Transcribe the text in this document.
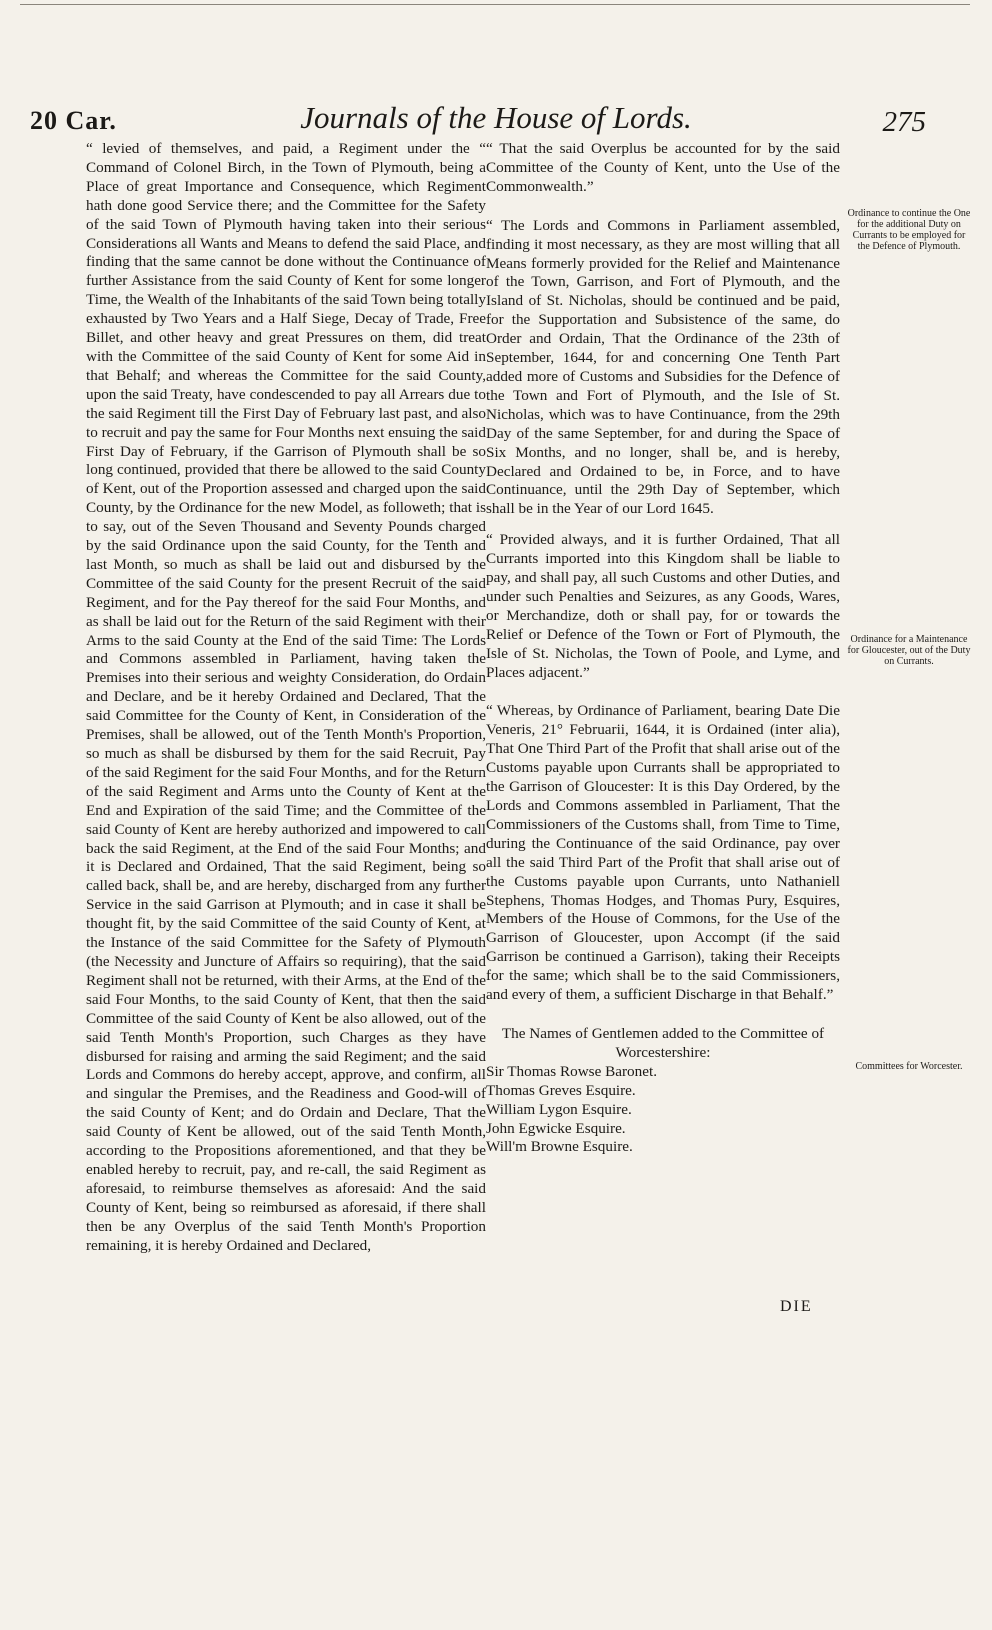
20 Car.	Journals of the House of Lords.	275

“ levied of themselves, and paid, a Regiment under the “ Command of Colonel Birch, in the Town of Plymouth, being a Place of great Importance and Consequence, which Regiment hath done good Service there; and the Committee for the Safety of the said Town of Plymouth having taken into their serious Considerations all Wants and Means to defend the said Place, and finding that the same cannot be done without the Continuance of further Assistance from the said County of Kent for some longer Time, the Wealth of the Inhabitants of the said Town being totally exhausted by Two Years and a Half Siege, Decay of Trade, Free Billet, and other heavy and great Pressures on them, did treat with the Committee of the said County of Kent for some Aid in that Behalf; and whereas the Committee for the said County, upon the said Treaty, have condescended to pay all Arrears due to the said Regiment till the First Day of February last past, and also to recruit and pay the same for Four Months next ensuing the said First Day of February, if the Garrison of Plymouth shall be so long continued, provided that there be allowed to the said County of Kent, out of the Proportion assessed and charged upon the said County, by the Ordinance for the new Model, as followeth; that is to say, out of the Seven Thousand and Seventy Pounds charged by the said Ordinance upon the said County, for the Tenth and last Month, so much as shall be laid out and disbursed by the Committee of the said County for the present Recruit of the said Regiment, and for the Pay thereof for the said Four Months, and as shall be laid out for the Return of the said Regiment with their Arms to the said County at the End of the said Time: The Lords and Commons assembled in Parliament, having taken the Premises into their serious and weighty Consideration, do Ordain and Declare, and be it hereby Ordained and Declared, That the said Committee for the County of Kent, in Consideration of the Premises, shall be allowed, out of the Tenth Month's Proportion, so much as shall be disbursed by them for the said Recruit, Pay of the said Regiment for the said Four Months, and for the Return of the said Regiment and Arms unto the County of Kent at the End and Expiration of the said Time; and the Committee of the said County of Kent are hereby authorized and impowered to call back the said Regiment, at the End of the said Four Months; and it is Declared and Ordained, That the said Regiment, being so called back, shall be, and are hereby, discharged from any further Service in the said Garrison at Plymouth; and in case it shall be thought fit, by the said Committee of the said County of Kent, at the Instance of the said Committee for the Safety of Plymouth (the Necessity and Juncture of Affairs so requiring), that the said Regiment shall not be returned, with their Arms, at the End of the said Four Months, to the said County of Kent, that then the said Committee of the said County of Kent be also allowed, out of the said Tenth Month's Proportion, such Charges as they have disbursed for raising and arming the said Regiment; and the said Lords and Commons do hereby accept, approve, and confirm, all and singular the Premises, and the Readiness and Good-will of the said County of Kent; and do Ordain and Declare, That the said County of Kent be allowed, out of the said Tenth Month, according to the Propositions aforementioned, and that they be enabled hereby to recruit, pay, and re-call, the said Regiment as aforesaid, to reimburse themselves as aforesaid: And the said County of Kent, being so reimbursed as aforesaid, if there shall then be any Overplus of the said Tenth Month's Proportion remaining, it is hereby Ordained and Declared,

“ That the said Overplus be accounted for by the said Committee of the County of Kent, unto the Use of the Commonwealth.”

“ The Lords and Commons in Parliament assembled, finding it most necessary, as they are most willing that all Means formerly provided for the Relief and Maintenance of the Town, Garrison, and Fort of Plymouth, and the Island of St. Nicholas, should be continued and be paid, for the Supportation and Subsistence of the same, do Order and Ordain, That the Ordinance of the 23th of September, 1644, for and concerning One Tenth Part added more of Customs and Subsidies for the Defence of the Town and Fort of Plymouth, and the Isle of St. Nicholas, which was to have Continuance, from the 29th Day of the same September, for and during the Space of Six Months, and no longer, shall be, and is hereby, Declared and Ordained to be, in Force, and to have Continuance, until the 29th Day of September, which shall be in the Year of our Lord 1645.

“ Provided always, and it is further Ordained, That all Currants imported into this Kingdom shall be liable to pay, and shall pay, all such Customs and other Duties, and under such Penalties and Seizures, as any Goods, Wares, or Merchandize, doth or shall pay, for or towards the Relief or Defence of the Town or Fort of Plymouth, the Isle of St. Nicholas, the Town of Poole, and Lyme, and Places adjacent.”

“ Whereas, by Ordinance of Parliament, bearing Date Die Veneris, 21° Februarii, 1644, it is Ordained (inter alia), That One Third Part of the Profit that shall arise out of the Customs payable upon Currants shall be appropriated to the Garrison of Gloucester: It is this Day Ordered, by the Lords and Commons assembled in Parliament, That the Commissioners of the Customs shall, from Time to Time, during the Continuance of the said Ordinance, pay over all the said Third Part of the Profit that shall arise out of the Customs payable upon Currants, unto Nathaniell Stephens, Thomas Hodges, and Thomas Pury, Esquires, Members of the House of Commons, for the Use of the Garrison of Gloucester, upon Accompt (if the said Garrison be continued a Garrison), taking their Receipts for the same; which shall be to the said Commissioners, and every of them, a sufficient Discharge in that Behalf.”

The Names of Gentlemen added to the Committee of Worcestershire:

Sir Thomas Rowse Baronet.

Thomas Greves Esquire.

William Lygon Esquire.

John Egwicke Esquire.

Will'm Browne Esquire.

Ordinance to continue the One for the additional Duty on Currants to be employed for the Defence of Plymouth.
Ordinance for a Maintenance for Gloucester, out of the Duty on Currants.
Committees for Worcester.
DIE
